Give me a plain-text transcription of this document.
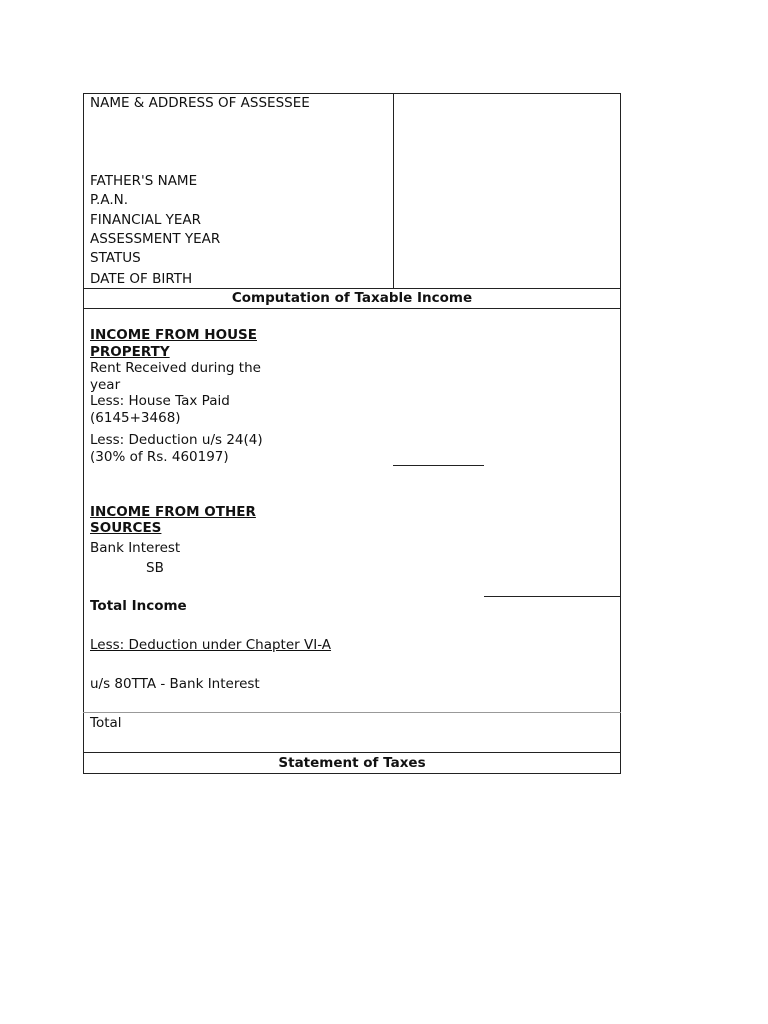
NAME & ADDRESS OF ASSESSEE
FATHER'S NAME
P.A.N.
FINANCIAL YEAR
ASSESSMENT YEAR
STATUS
DATE OF BIRTH
Computation of Taxable Income
INCOME FROM HOUSE
PROPERTY
Rent Received during the
year
Less: House Tax Paid
(6145+3468)
Less: Deduction u/s 24(4)
(30% of Rs. 460197)
INCOME FROM OTHER
SOURCES
Bank Interest
SB
Total Income
Less: Deduction under Chapter VI-A
u/s 80TTA - Bank Interest
Total
Statement of Taxes
